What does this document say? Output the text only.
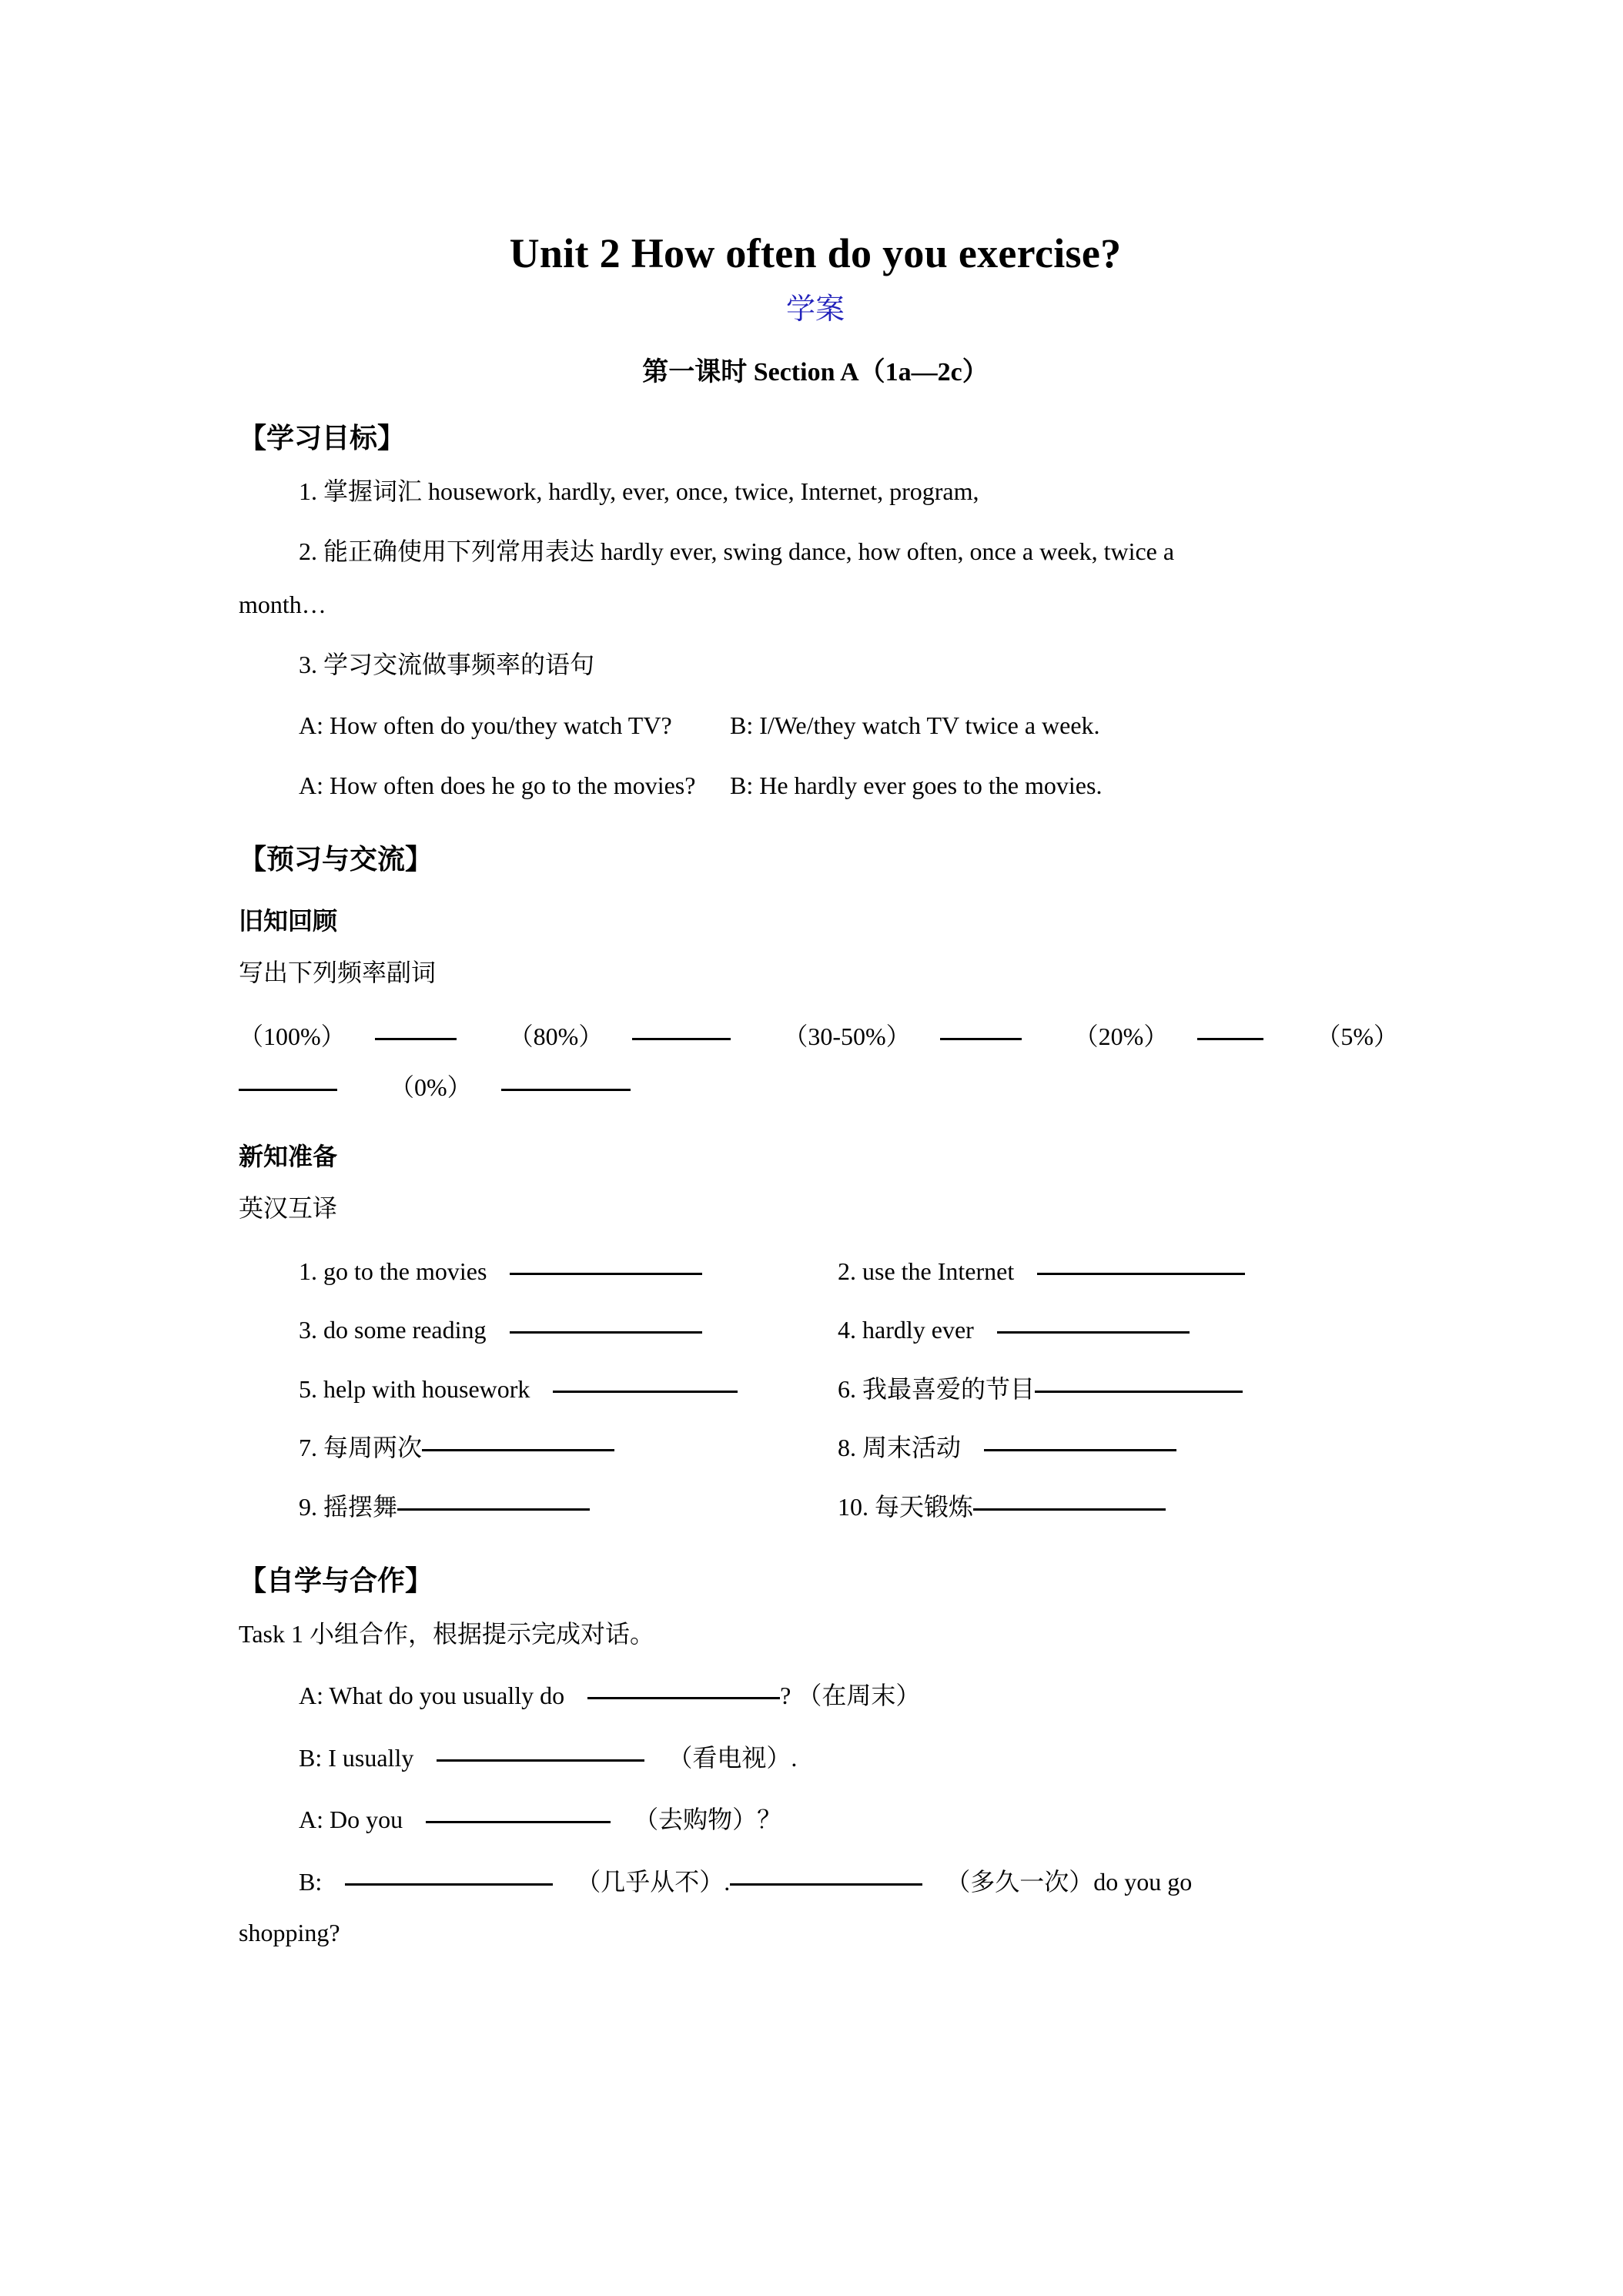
Unit 2 How often do you exercise?
学案
第一课时 Section A（1a—2c）
【学习目标】
1. 掌握词汇 housework, hardly, ever, once, twice, Internet, program,
2. 能正确使用下列常用表达 hardly ever, swing dance, how often, once a week, twice a
month…
3. 学习交流做事频率的语句
A: How often do you/they watch TV?	B: I/We/they watch TV twice a week.
A: How often does he go to the movies?	B: He hardly ever goes to the movies.
【预习与交流】
旧知回顾
写出下列频率副词
（100%）	（80%）	（30-50%）	（20%）	（5%）
（0%）
新知准备
英汉互译
1. go to the movies	2. use the Internet
3. do some reading	4. hardly ever
5. help with housework	6. 我最喜爱的节目
7. 每周两次	8. 周末活动
9. 摇摆舞	10. 每天锻炼
【自学与合作】
Task 1 小组合作，根据提示完成对话。
A: What do you usually do	? （在周末）
B: I usually	（看电视）.
A: Do you	（去购物）？
B:	（几乎从不）.	（多久一次）do you go
shopping?
